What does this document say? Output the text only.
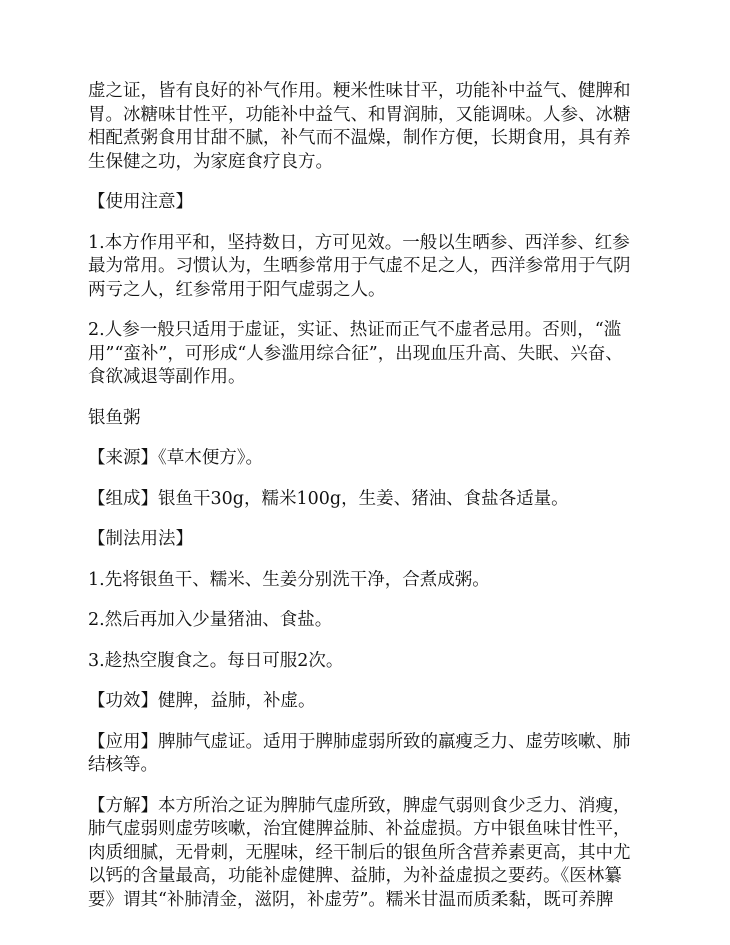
虚之证，皆有良好的补气作用。粳米性味甘平，功能补中益气、健脾和
胃。冰糖味甘性平，功能补中益气、和胃润肺，又能调味。人参、冰糖
相配煮粥食用甘甜不腻，补气而不温燥，制作方便，长期食用，具有养
生保健之功，为家庭食疗良方。
【使用注意】
1.本方作用平和，坚持数日，方可见效。一般以生晒参、西洋参、红参
最为常用。习惯认为，生晒参常用于气虚不足之人，西洋参常用于气阴
两亏之人，红参常用于阳气虚弱之人。
2.人参一般只适用于虚证，实证、热证而正气不虚者忌用。否则，“滥
用”“蛮补”，可形成“人参滥用综合征”，出现血压升高、失眠、兴奋、
食欲减退等副作用。
银鱼粥
【来源】《草木便方》。
【组成】银鱼干30g，糯米100g，生姜、猪油、食盐各适量。
【制法用法】
1.先将银鱼干、糯米、生姜分别洗干净，合煮成粥。
2.然后再加入少量猪油、食盐。
3.趁热空腹食之。每日可服2次。
【功效】健脾，益肺，补虚。
【应用】脾肺气虚证。适用于脾肺虚弱所致的羸瘦乏力、虚劳咳嗽、肺
结核等。
【方解】本方所治之证为脾肺气虚所致，脾虚气弱则食少乏力、消瘦，
肺气虚弱则虚劳咳嗽，治宜健脾益肺、补益虚损。方中银鱼味甘性平，
肉质细腻，无骨刺，无腥味，经干制后的银鱼所含营养素更高，其中尤
以钙的含量最高，功能补虚健脾、益肺，为补益虚损之要药。《医林纂
要》谓其“补肺清金，滋阴，补虚劳”。糯米甘温而质柔黏，既可养脾
